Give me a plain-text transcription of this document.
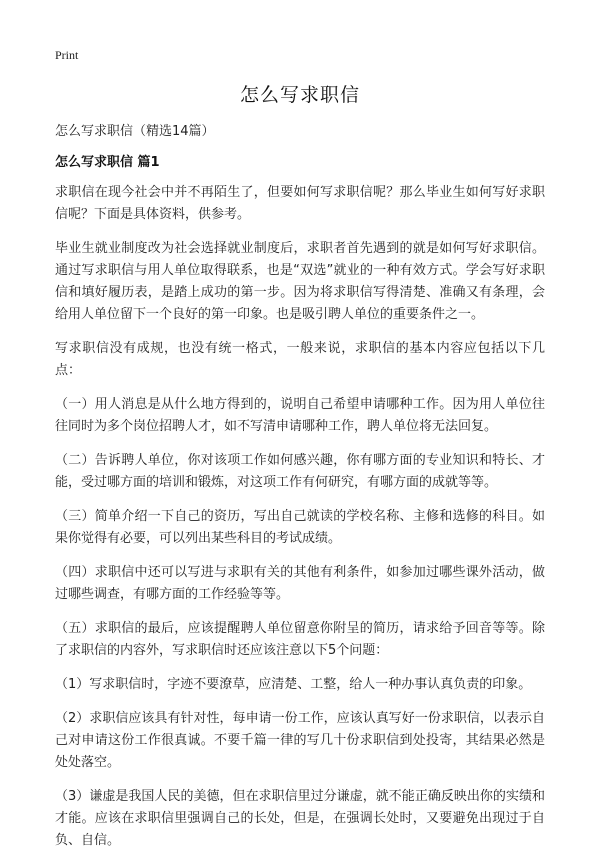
Print
怎么写求职信
怎么写求职信（精选14篇）
怎么写求职信 篇1

求职信在现今社会中并不再陌生了，但要如何写求职信呢？那么毕业生如何写好求职信呢？下面是具体资料，供参考。

毕业生就业制度改为社会选择就业制度后，求职者首先遇到的就是如何写好求职信。通过写求职信与用人单位取得联系，也是“双选”就业的一种有效方式。学会写好求职信和填好履历表，是踏上成功的第一步。因为将求职信写得清楚、准确又有条理，会给用人单位留下一个良好的第一印象。也是吸引聘人单位的重要条件之一。

写求职信没有成规，也没有统一格式，一般来说，求职信的基本内容应包括以下几点：

（一）用人消息是从什么地方得到的，说明自己希望申请哪种工作。因为用人单位往往同时为多个岗位招聘人才，如不写清申请哪种工作，聘人单位将无法回复。

（二）告诉聘人单位，你对该项工作如何感兴趣，你有哪方面的专业知识和特长、才能，受过哪方面的培训和锻炼，对这项工作有何研究，有哪方面的成就等等。

（三）简单介绍一下自己的资历，写出自己就读的学校名称、主修和选修的科目。如果你觉得有必要，可以列出某些科目的考试成绩。

（四）求职信中还可以写进与求职有关的其他有利条件，如参加过哪些课外活动，做过哪些调查，有哪方面的工作经验等等。

（五）求职信的最后，应该提醒聘人单位留意你附呈的简历，请求给予回音等等。除了求职信的内容外，写求职信时还应该注意以下5个问题：

（1）写求职信时，字迹不要潦草，应清楚、工整，给人一种办事认真负责的印象。

（2）求职信应该具有针对性，每申请一份工作，应该认真写好一份求职信，以表示自己对申请这份工作很真诚。不要千篇一律的写几十份求职信到处投寄，其结果必然是处处落空。

（3）谦虚是我国人民的美德，但在求职信里过分谦虚，就不能正确反映出你的实绩和才能。应该在求职信里强调自己的长处，但是，在强调长处时，又要避免出现过于自负、自信。
